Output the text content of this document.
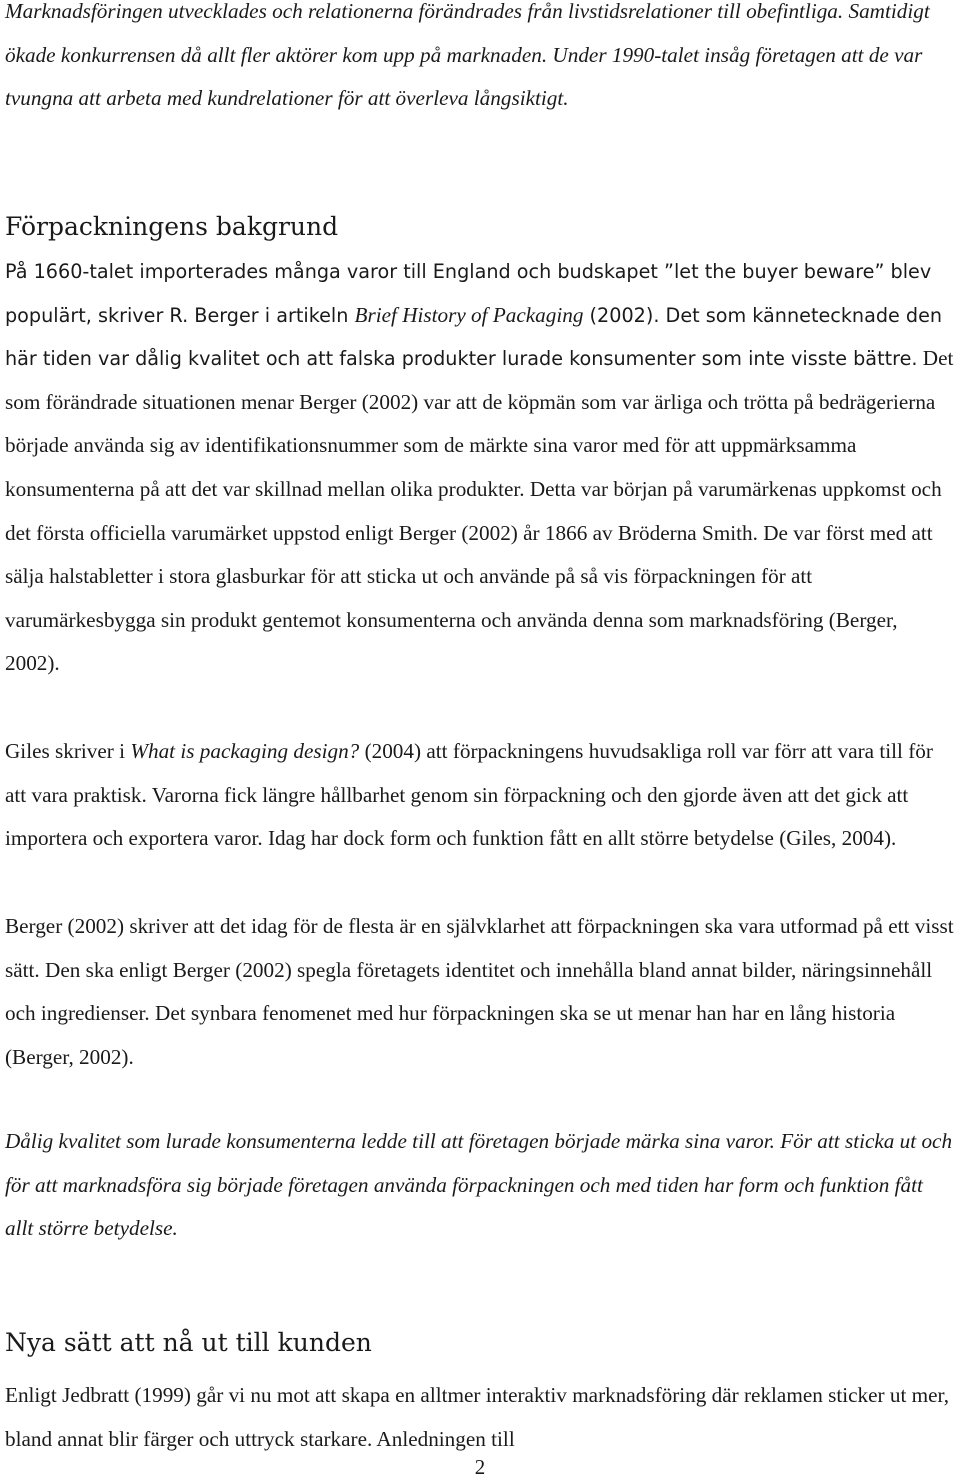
Marknadsföringen utvecklades och relationerna förändrades från livstidsrelationer till obefintliga. Samtidigt ökade konkurrensen då allt fler aktörer kom upp på marknaden. Under 1990-talet insåg företagen att de var tvungna att arbeta med kundrelationer för att överleva långsiktigt.

Förpackningens bakgrund

På 1660-talet importerades många varor till England och budskapet ”let the buyer beware” blev populärt, skriver R. Berger i artikeln Brief History of Packaging (2002). Det som kännetecknade den här tiden var dålig kvalitet och att falska produkter lurade konsumenter som inte visste bättre. Det som förändrade situationen menar Berger (2002) var att de köpmän som var ärliga och trötta på bedrägerierna började använda sig av identifikationsnummer som de märkte sina varor med för att uppmärksamma konsumenterna på att det var skillnad mellan olika produkter. Detta var början på varumärkenas uppkomst och det första officiella varumärket uppstod enligt Berger (2002) år 1866 av Bröderna Smith. De var först med att sälja halstabletter i stora glasburkar för att sticka ut och använde på så vis förpackningen för att varumärkesbygga sin produkt gentemot konsumenterna och använda denna som marknadsföring (Berger, 2002).

Giles skriver i What is packaging design? (2004) att förpackningens huvudsakliga roll var förr att vara till för att vara praktisk. Varorna fick längre hållbarhet genom sin förpackning och den gjorde även att det gick att importera och exportera varor. Idag har dock form och funktion fått en allt större betydelse (Giles, 2004).

Berger (2002) skriver att det idag för de flesta är en självklarhet att förpackningen ska vara utformad på ett visst sätt. Den ska enligt Berger (2002) spegla företagets identitet och innehålla bland annat bilder, näringsinnehåll och ingredienser. Det synbara fenomenet med hur förpackningen ska se ut menar han har en lång historia (Berger, 2002).

Dålig kvalitet som lurade konsumenterna ledde till att företagen började märka sina varor. För att sticka ut och för att marknadsföra sig började företagen använda förpackningen och med tiden har form och funktion fått allt större betydelse.

Nya sätt att nå ut till kunden

Enligt Jedbratt (1999) går vi nu mot att skapa en alltmer interaktiv marknadsföring där reklamen sticker ut mer, bland annat blir färger och uttryck starkare. Anledningen till

2
